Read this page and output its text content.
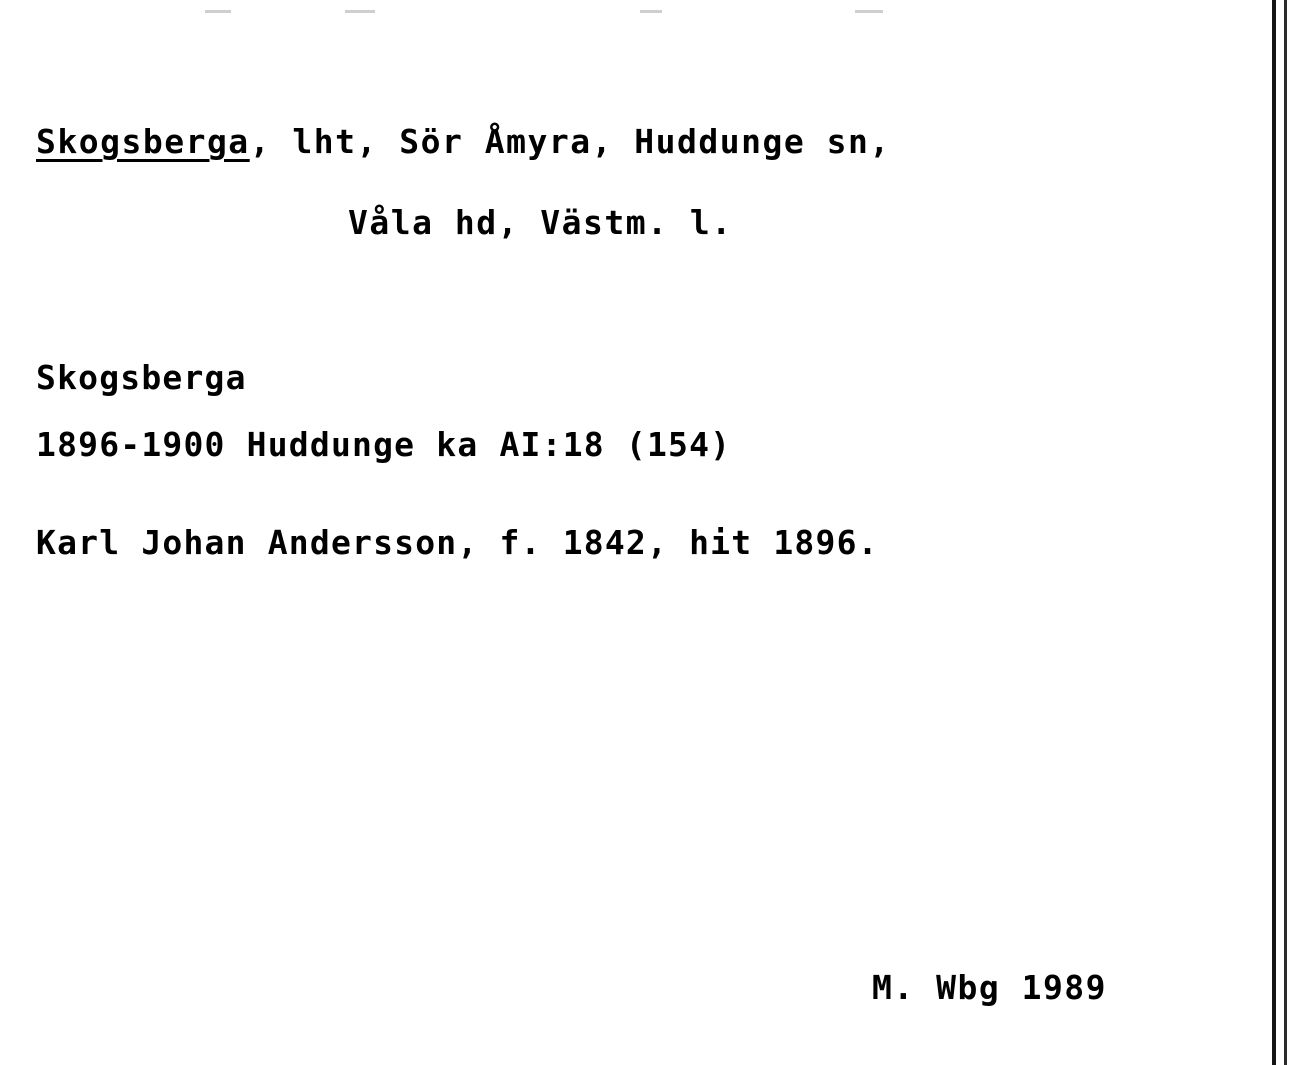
Skogsberga, lht, Sör Åmyra, Huddunge sn,
Våla hd, Västm. l.
Skogsberga
1896-1900 Huddunge ka AI:18 (154)
Karl Johan Andersson, f. 1842, hit 1896.
M. Wbg 1989
